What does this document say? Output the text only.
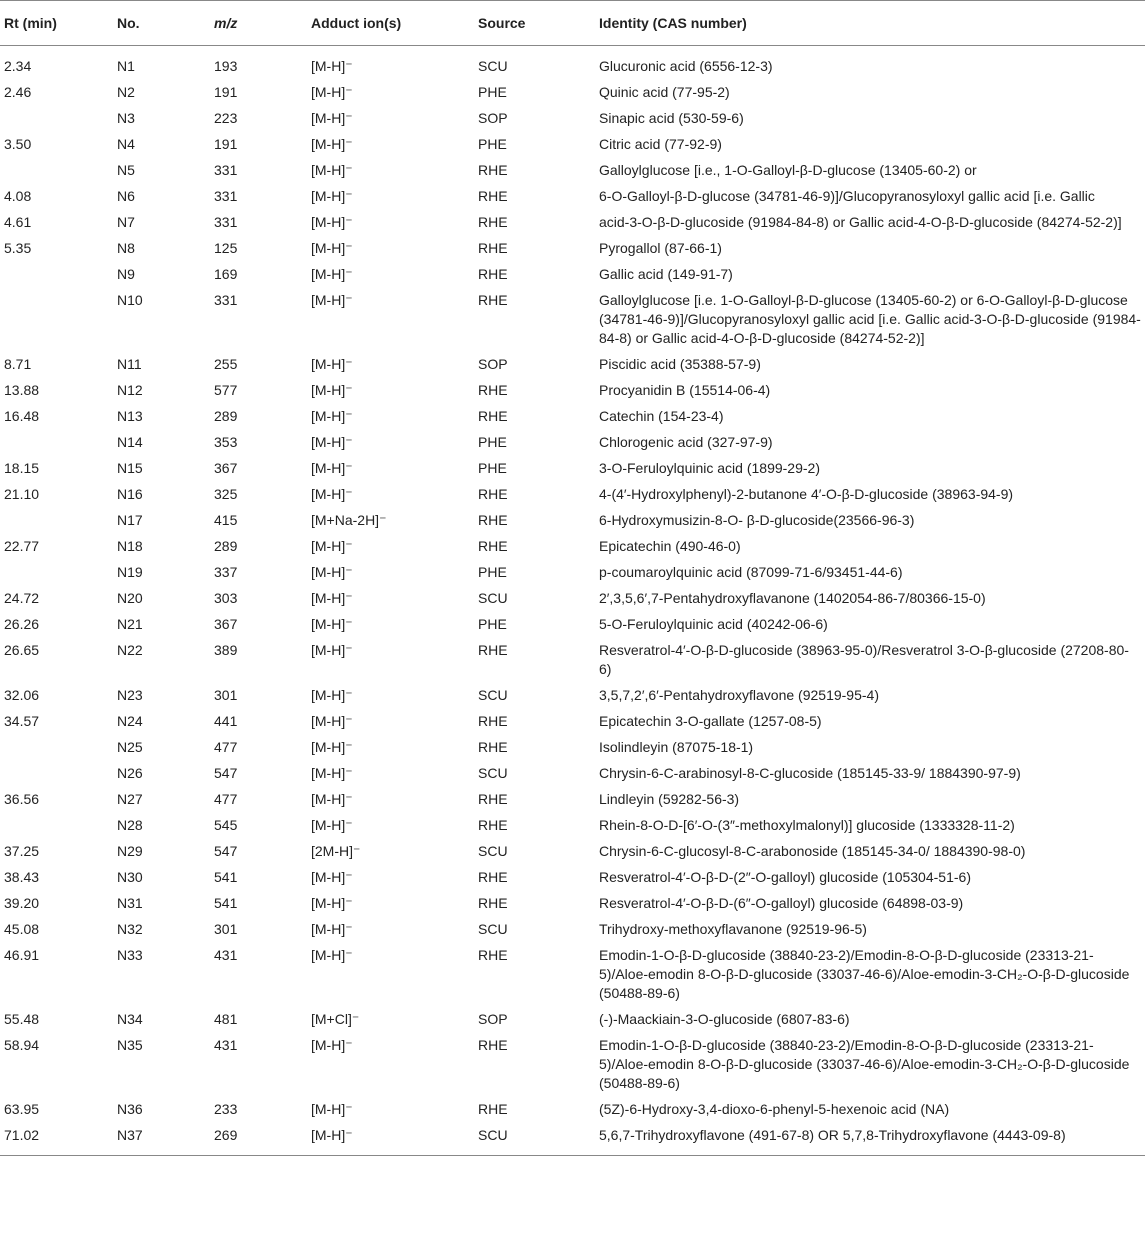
Rt (min)	No.	m/z	Adduct ion(s)	Source	Identity (CAS number)
2.34	N1	193	[M-H]⁻	SCU	Glucuronic acid (6556-12-3)
2.46	N2	191	[M-H]⁻	PHE	Quinic acid (77-95-2)
	N3	223	[M-H]⁻	SOP	Sinapic acid (530-59-6)
3.50	N4	191	[M-H]⁻	PHE	Citric acid (77-92-9)
	N5	331	[M-H]⁻	RHE	Galloylglucose [i.e., 1-O-Galloyl-β-D-glucose (13405-60-2) or
4.08	N6	331	[M-H]⁻	RHE	6-O-Galloyl-β-D-glucose (34781-46-9)]/Glucopyranosyloxyl gallic acid [i.e. Gallic
4.61	N7	331	[M-H]⁻	RHE	acid-3-O-β-D-glucoside (91984-84-8) or Gallic acid-4-O-β-D-glucoside (84274-52-2)]
5.35	N8	125	[M-H]⁻	RHE	Pyrogallol (87-66-1)
	N9	169	[M-H]⁻	RHE	Gallic acid (149-91-7)
	N10	331	[M-H]⁻	RHE	Galloylglucose [i.e. 1-O-Galloyl-β-D-glucose (13405-60-2) or 6-O-Galloyl-β-D-glucose (34781-46-9)]/Glucopyranosyloxyl gallic acid [i.e. Gallic acid-3-O-β-D-glucoside (91984-84-8) or Gallic acid-4-O-β-D-glucoside (84274-52-2)]
8.71	N11	255	[M-H]⁻	SOP	Piscidic acid (35388-57-9)
13.88	N12	577	[M-H]⁻	RHE	Procyanidin B (15514-06-4)
16.48	N13	289	[M-H]⁻	RHE	Catechin (154-23-4)
	N14	353	[M-H]⁻	PHE	Chlorogenic acid (327-97-9)
18.15	N15	367	[M-H]⁻	PHE	3-O-Feruloylquinic acid (1899-29-2)
21.10	N16	325	[M-H]⁻	RHE	4-(4′-Hydroxylphenyl)-2-butanone 4′-O-β-D-glucoside (38963-94-9)
	N17	415	[M+Na-2H]⁻	RHE	6-Hydroxymusizin-8-O- β-D-glucoside(23566-96-3)
22.77	N18	289	[M-H]⁻	RHE	Epicatechin (490-46-0)
	N19	337	[M-H]⁻	PHE	p-coumaroylquinic acid (87099-71-6/93451-44-6)
24.72	N20	303	[M-H]⁻	SCU	2′,3,5,6′,7-Pentahydroxyflavanone (1402054-86-7/80366-15-0)
26.26	N21	367	[M-H]⁻	PHE	5-O-Feruloylquinic acid (40242-06-6)
26.65	N22	389	[M-H]⁻	RHE	Resveratrol-4′-O-β-D-glucoside (38963-95-0)/Resveratrol 3-O-β-glucoside (27208-80-6)
32.06	N23	301	[M-H]⁻	SCU	3,5,7,2′,6′-Pentahydroxyflavone (92519-95-4)
34.57	N24	441	[M-H]⁻	RHE	Epicatechin 3-O-gallate (1257-08-5)
	N25	477	[M-H]⁻	RHE	Isolindleyin (87075-18-1)
	N26	547	[M-H]⁻	SCU	Chrysin-6-C-arabinosyl-8-C-glucoside (185145-33-9/ 1884390-97-9)
36.56	N27	477	[M-H]⁻	RHE	Lindleyin (59282-56-3)
	N28	545	[M-H]⁻	RHE	Rhein-8-O-D-[6′-O-(3″-methoxylmalonyl)] glucoside (1333328-11-2)
37.25	N29	547	[2M-H]⁻	SCU	Chrysin-6-C-glucosyl-8-C-arabonoside (185145-34-0/ 1884390-98-0)
38.43	N30	541	[M-H]⁻	RHE	Resveratrol-4′-O-β-D-(2″-O-galloyl) glucoside (105304-51-6)
39.20	N31	541	[M-H]⁻	RHE	Resveratrol-4′-O-β-D-(6″-O-galloyl) glucoside (64898-03-9)
45.08	N32	301	[M-H]⁻	SCU	Trihydroxy-methoxyflavanone (92519-96-5)
46.91	N33	431	[M-H]⁻	RHE	Emodin-1-O-β-D-glucoside (38840-23-2)/Emodin-8-O-β-D-glucoside (23313-21-5)/Aloe-emodin 8-O-β-D-glucoside (33037-46-6)/Aloe-emodin-3-CH₂-O-β-D-glucoside (50488-89-6)
55.48	N34	481	[M+Cl]⁻	SOP	(-)-Maackiain-3-O-glucoside (6807-83-6)
58.94	N35	431	[M-H]⁻	RHE	Emodin-1-O-β-D-glucoside (38840-23-2)/Emodin-8-O-β-D-glucoside (23313-21-5)/Aloe-emodin 8-O-β-D-glucoside (33037-46-6)/Aloe-emodin-3-CH₂-O-β-D-glucoside (50488-89-6)
63.95	N36	233	[M-H]⁻	RHE	(5Z)-6-Hydroxy-3,4-dioxo-6-phenyl-5-hexenoic acid (NA)
71.02	N37	269	[M-H]⁻	SCU	5,6,7-Trihydroxyflavone (491-67-8) OR 5,7,8-Trihydroxyflavone (4443-09-8)
